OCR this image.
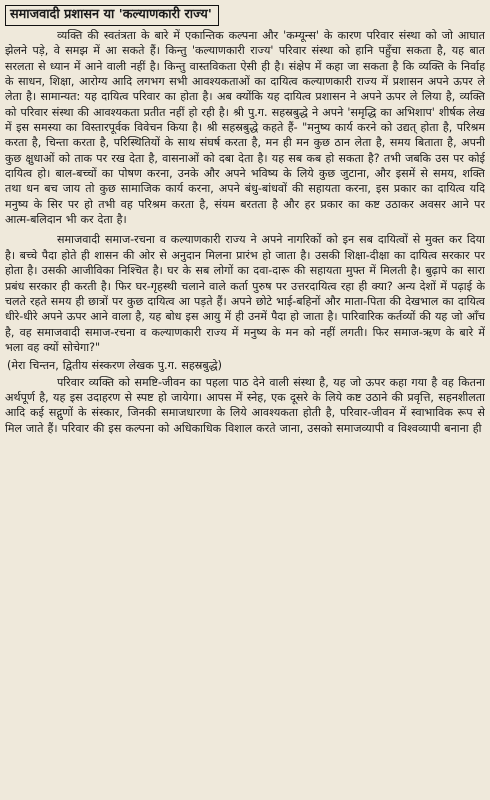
समाजवादी प्रशासन या 'कल्याणकारी राज्य'

व्यक्ति की स्वतंत्रता के बारे में एकान्तिक कल्पना और 'कम्यून्स' के कारण परिवार संस्था को जो आघात झेलने पड़े, वे समझ में आ सकते हैं। किन्तु 'कल्याणकारी राज्य' परिवार संस्था को हानि पहुँचा सकता है, यह बात सरलता से ध्यान में आने वाली नहीं है। किन्तु वास्तविकता ऐसी ही है। संक्षेप में कहा जा सकता है कि व्यक्ति के निर्वाह के साधन, शिक्षा, आरोग्य आदि लगभग सभी आवश्यकताओं का दायित्व कल्याणकारी राज्य में प्रशासन अपने ऊपर ले लेता है। सामान्यत: यह दायित्व परिवार का होता है। अब क्योंकि यह दायित्व प्रशासन ने अपने ऊपर ले लिया है, व्यक्ति को परिवार संस्था की आवश्यकता प्रतीत नहीं हो रही है। श्री पु.ग. सहस्रबुद्धे ने अपने 'समृद्धि का अभिशाप' शीर्षक लेख में इस समस्या का विस्तारपूर्वक विवेचन किया है। श्री सहस्रबुद्धे कहते हैं- "मनुष्य कार्य करने को उद्यत् होता है, परिश्रम करता है, चिन्ता करता है, परिस्थितियों के साथ संघर्ष करता है, मन ही मन कुछ ठान लेता है, समय बिताता है, अपनी कुछ क्षुधाओं को ताक पर रख देता है, वासनाओं को दबा देता है। यह सब कब हो सकता है? तभी जबकि उस पर कोई दायित्व हो। बाल-बच्चों का पोषण करना, उनके और अपने भविष्य के लिये कुछ जुटाना, और इसमें से समय, शक्ति तथा धन बच जाय तो कुछ सामाजिक कार्य करना, अपने बंधु-बांधवों की सहायता करना, इस प्रकार का दायित्व यदि मनुष्य के सिर पर हो तभी वह परिश्रम करता है, संयम बरतता है और हर प्रकार का कष्ट उठाकर अवसर आने पर आत्म-बलिदान भी कर देता है।

समाजवादी समाज-रचना व कल्याणकारी राज्य ने अपने नागरिकों को इन सब दायित्वों से मुक्त कर दिया है। बच्चे पैदा होते ही शासन की ओर से अनुदान मिलना प्रारंभ हो जाता है। उसकी शिक्षा-दीक्षा का दायित्व सरकार पर होता है। उसकी आजीविका निश्चित है। घर के सब लोगों का दवा-दारू की सहायता मुफ्त में मिलती है। बुढ़ापे का सारा प्रबंध सरकार ही करती है। फिर घर-गृहस्थी चलाने वाले कर्ता पुरुष पर उत्तरदायित्व रहा ही क्या? अन्य देशों में पढ़ाई के चलते रहते समय ही छात्रों पर कुछ दायित्व आ पड़ते हैं। अपने छोटे भाई-बहिनों और माता-पिता की देखभाल का दायित्व धीरे-धीरे अपने ऊपर आने वाला है, यह बोध इस आयु में ही उनमें पैदा हो जाता है। पारिवारिक कर्तव्यों की यह जो आँच है, वह समाजवादी समाज-रचना व कल्याणकारी राज्य में मनुष्य के मन को नहीं लगती। फिर समाज-ऋण के बारे में भला वह क्यों सोचेगा?"

(मेरा चिन्तन, द्वितीय संस्करण लेखक पु.ग. सहस्रबुद्धे)

परिवार व्यक्ति को समष्टि-जीवन का पहला पाठ देने वाली संस्था है, यह जो ऊपर कहा गया है वह कितना अर्थपूर्ण है, यह इस उदाहरण से स्पष्ट हो जायेगा। आपस में स्नेह, एक दूसरे के लिये कष्ट उठाने की प्रवृत्ति, सहनशीलता आदि कई सद्गुणों के संस्कार, जिनकी समाजधारणा के लिये आवश्यकता होती है, परिवार-जीवन में स्वाभाविक रूप से मिल जाते हैं। परिवार की इस कल्पना को अधिकाधिक विशाल करते जाना, उसको समाजव्यापी व विश्वव्यापी बनाना ही
